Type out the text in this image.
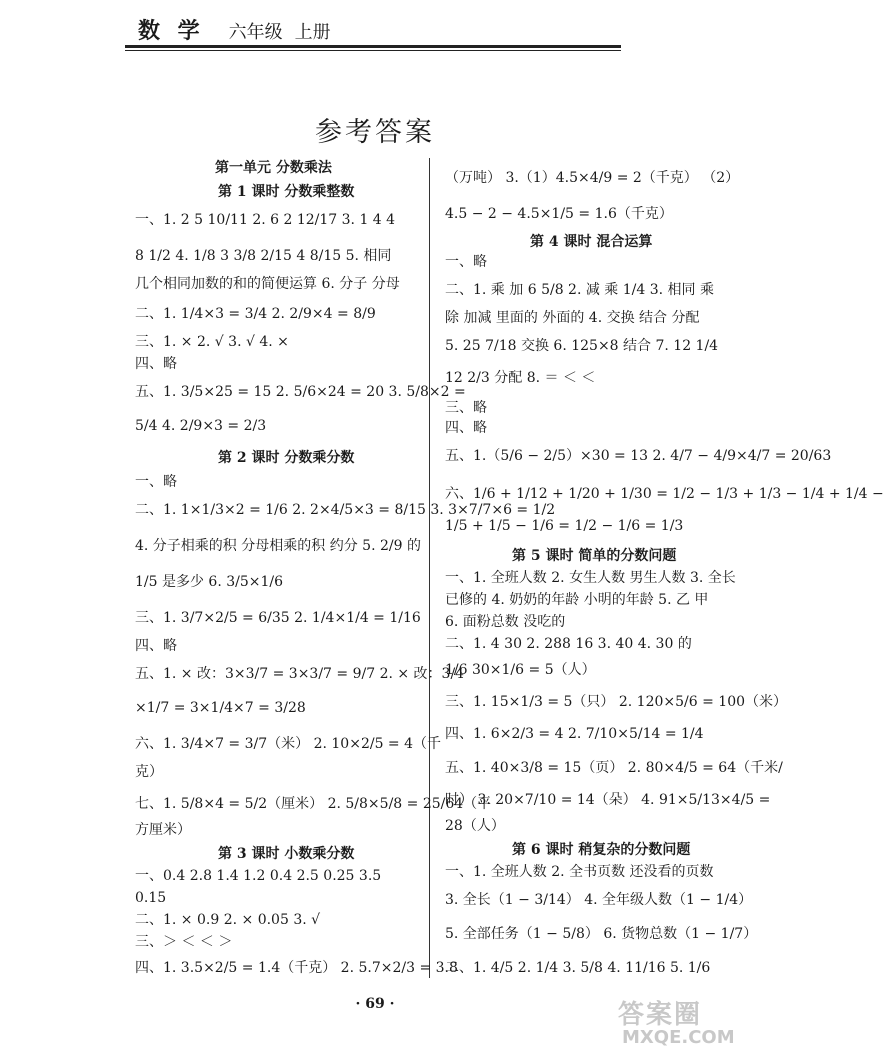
数 学 六年级 上册
参考答案
第一单元 分数乘法
第 1 课时 分数乘整数
一、1. 2 5 10/11 2. 6 2 12/17 3. 1 4 4
8 1/2 4. 1/8 3 3/8 2/15 4 8/15 5. 相同
几个相同加数的和的简便运算 6. 分子 分母
二、1. 1/4×3 = 3/4 2. 2/9×4 = 8/9
三、1. × 2. √ 3. √ 4. ×
四、略
五、1. 3/5×25 = 15 2. 5/6×24 = 20 3. 5/8×2 =
5/4 4. 2/9×3 = 2/3
第 2 课时 分数乘分数
一、略
二、1. 1×1/3×2 = 1/6 2. 2×4/5×3 = 8/15 3. 3×7/7×6 = 1/2
4. 分子相乘的积 分母相乘的积 约分 5. 2/9 的
1/5 是多少 6. 3/5×1/6
三、1. 3/7×2/5 = 6/35 2. 1/4×1/4 = 1/16
四、略
五、1. × 改：3×3/7 = 3×3/7 = 9/7 2. × 改：3/4
×1/7 = 3×1/4×7 = 3/28
六、1. 3/4×7 = 3/7（米） 2. 10×2/5 = 4（千
克）
七、1. 5/8×4 = 5/2（厘米） 2. 5/8×5/8 = 25/64（平
方厘米）
第 3 课时 小数乘分数
一、0.4 2.8 1.4 1.2 0.4 2.5 0.25 3.5
0.15
二、1. × 0.9 2. × 0.05 3. √
三、＞ ＜ ＜ ＞
四、1. 3.5×2/5 = 1.4（千克） 2. 5.7×2/3 = 3.8
（万吨） 3.（1）4.5×4/9 = 2（千克） （2）
4.5 − 2 − 4.5×1/5 = 1.6（千克）
第 4 课时 混合运算
一、略
二、1. 乘 加 6 5/8 2. 减 乘 1/4 3. 相同 乘
除 加减 里面的 外面的 4. 交换 结合 分配
5. 25 7/18 交换 6. 125×8 结合 7. 12 1/4
12 2/3 分配 8. ＝ ＜ ＜
三、略
四、略
五、1.（5/6 − 2/5）×30 = 13 2. 4/7 − 4/9×4/7 = 20/63
六、1/6 + 1/12 + 1/20 + 1/30 = 1/2 − 1/3 + 1/3 − 1/4 + 1/4 −
1/5 + 1/5 − 1/6 = 1/2 − 1/6 = 1/3
第 5 课时 简单的分数问题
一、1. 全班人数 2. 女生人数 男生人数 3. 全长
已修的 4. 奶奶的年龄 小明的年龄 5. 乙 甲
6. 面粉总数 没吃的
二、1. 4 30 2. 288 16 3. 40 4. 30 的
1/6 30×1/6 = 5（人）
三、1. 15×1/3 = 5（只） 2. 120×5/6 = 100（米）
四、1. 6×2/3 = 4 2. 7/10×5/14 = 1/4
五、1. 40×3/8 = 15（页） 2. 80×4/5 = 64（千米/
时） 3. 20×7/10 = 14（朵） 4. 91×5/13×4/5 =
28（人）
第 6 课时 稍复杂的分数问题
一、1. 全班人数 2. 全书页数 还没看的页数
3. 全长（1 − 3/14） 4. 全年级人数（1 − 1/4）
5. 全部任务（1 − 5/8） 6. 货物总数（1 − 1/7）
二、1. 4/5 2. 1/4 3. 5/8 4. 11/16 5. 1/6
· 69 ·	答案圈
MXQE.COM
